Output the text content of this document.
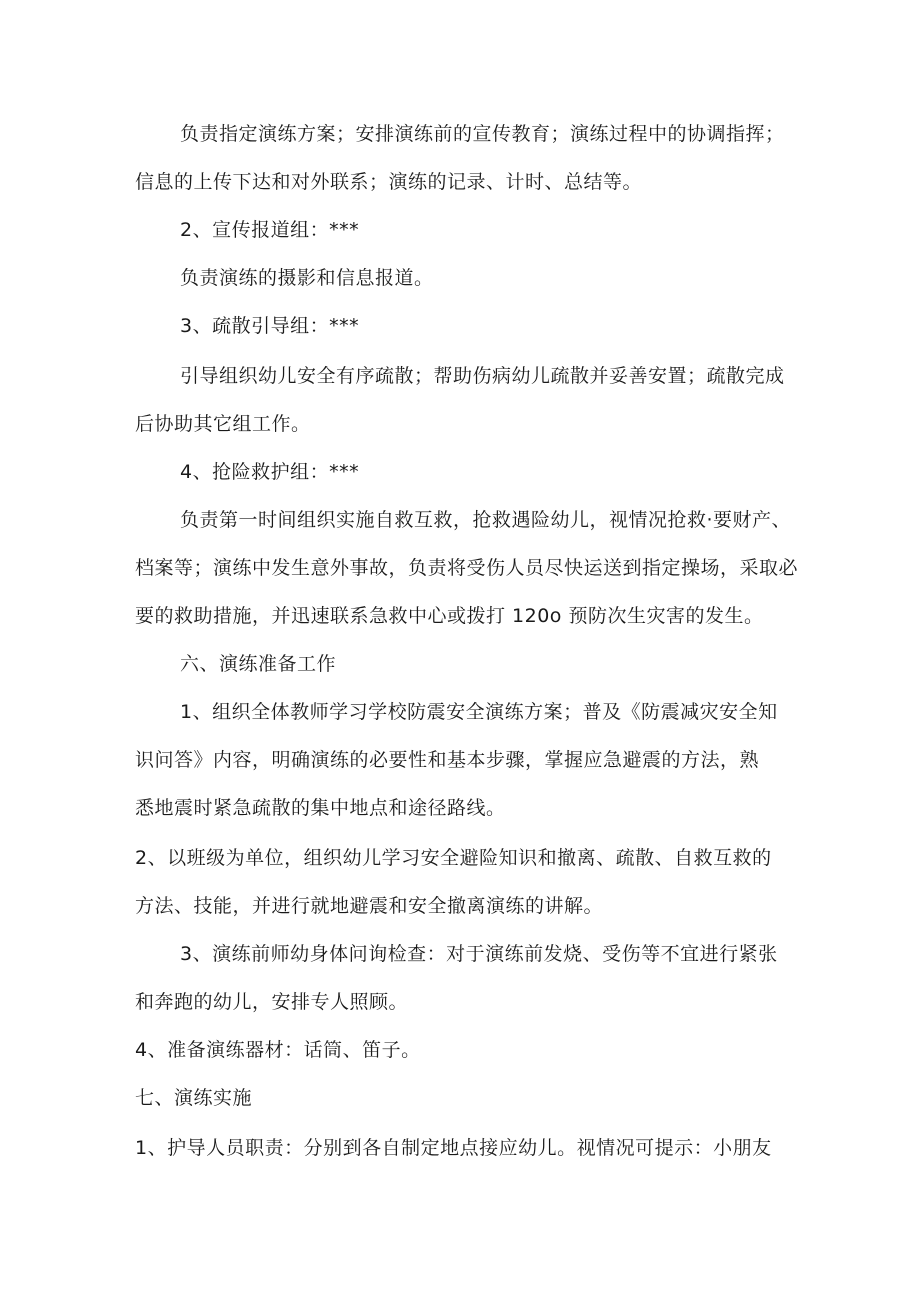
负责指定演练方案；安排演练前的宣传教育；演练过程中的协调指挥；
信息的上传下达和对外联系；演练的记录、计时、总结等。
2、宣传报道组：***
负责演练的摄影和信息报道。
3、疏散引导组：***
引导组织幼儿安全有序疏散；帮助伤病幼儿疏散并妥善安置；疏散完成
后协助其它组工作。
4、抢险救护组：***
负责第一时间组织实施自救互救，抢救遇险幼儿，视情况抢救·要财产、
档案等；演练中发生意外事故，负责将受伤人员尽快运送到指定操场，采取必
要的救助措施，并迅速联系急救中心或拨打 120o 预防次生灾害的发生。
六、演练准备工作
1、组织全体教师学习学校防震安全演练方案；普及《防震减灾安全知
识问答》内容，明确演练的必要性和基本步骤，掌握应急避震的方法，熟
悉地震时紧急疏散的集中地点和途径路线。
2、以班级为单位，组织幼儿学习安全避险知识和撤离、疏散、自救互救的
方法、技能，并进行就地避震和安全撤离演练的讲解。
3、演练前师幼身体问询检查：对于演练前发烧、受伤等不宜进行紧张
和奔跑的幼儿，安排专人照顾。
4、准备演练器材：话筒、笛子。
七、演练实施
1、护导人员职责：分别到各自制定地点接应幼儿。视情况可提示：小朋友
